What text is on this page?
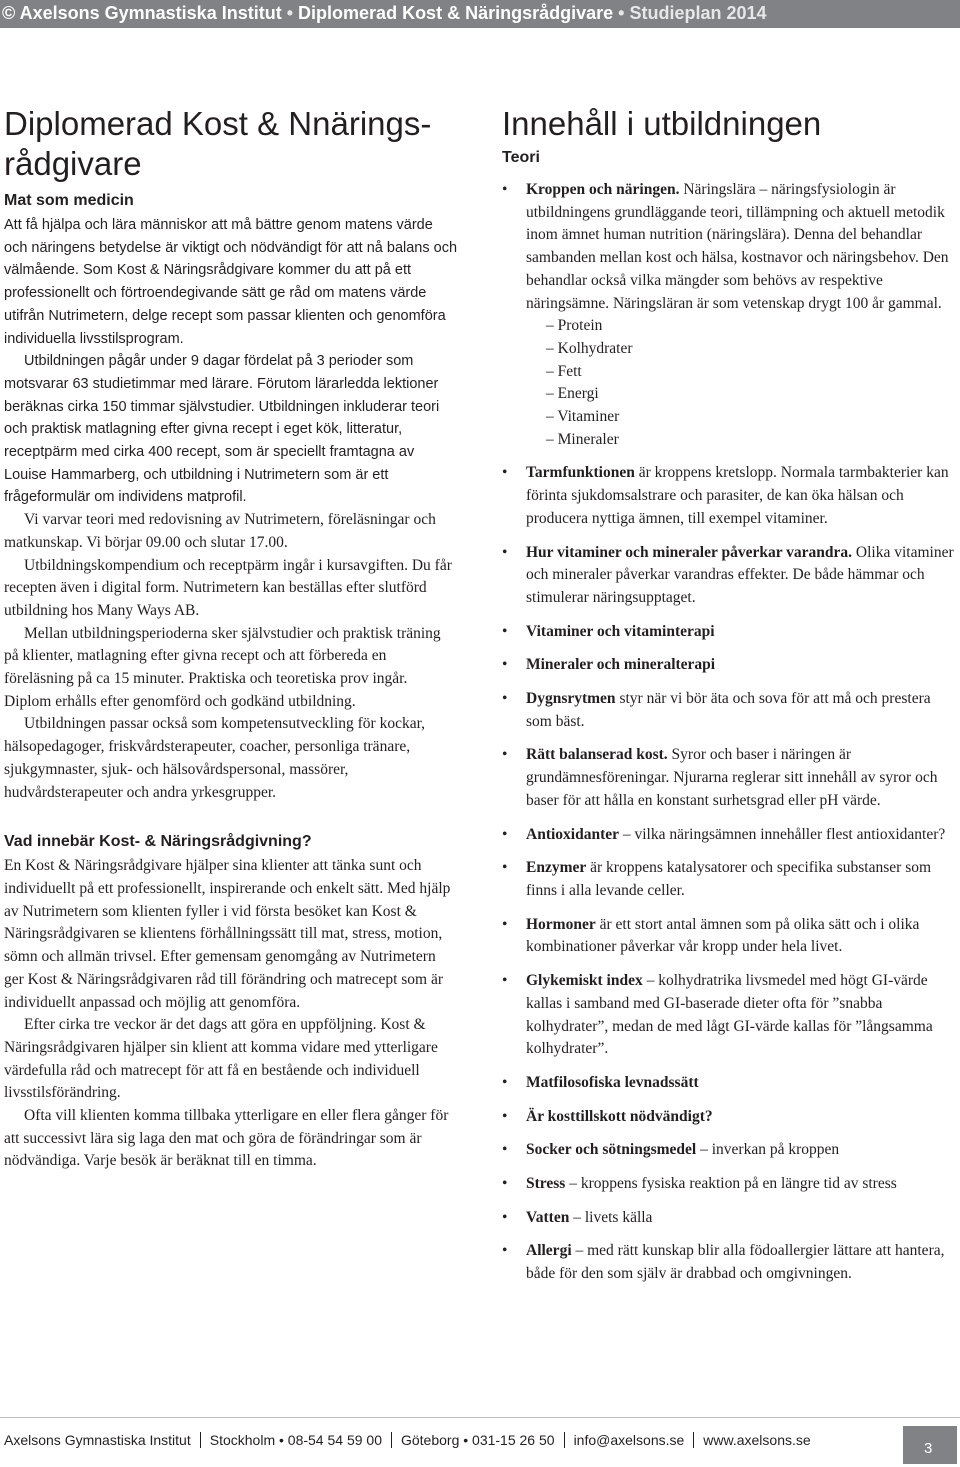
© Axelsons Gymnastiska Institut • Diplomerad Kost & Näringsrådgivare • Studieplan 2014
Diplomerad Kost & Nnärings-
rådgivare
Mat som medicin

Att få hjälpa och lära människor att må bättre genom matens värde och näringens betydelse är viktigt och nödvändigt för att nå balans och välmående. Som Kost & Näringsrådgivare kommer du att på ett professionellt och förtroendegivande sätt ge råd om matens värde utifrån Nutrimetern, delge recept som passar klienten och genomföra individuella livsstilsprogram.

Utbildningen pågår under 9 dagar fördelat på 3 perioder som motsvarar 63 studietimmar med lärare. Förutom lärarledda lektioner beräknas cirka 150 timmar självstudier. Utbildningen inkluderar teori och praktisk matlagning efter givna recept i eget kök, litteratur, receptpärm med cirka 400 recept, som är speciellt framtagna av Louise Hammarberg, och utbildning i Nutrimetern som är ett frågeformulär om individens matprofil.

Vi varvar teori med redovisning av Nutrimetern, föreläsningar och matkunskap. Vi börjar 09.00 och slutar 17.00.

Utbildningskompendium och receptpärm ingår i kursavgiften. Du får recepten även i digital form. Nutrimetern kan beställas efter slutförd utbildning hos Many Ways AB.

Mellan utbildningsperioderna sker självstudier och praktisk träning på klienter, matlagning efter givna recept och att förbereda en föreläsning på ca 15 minuter. Praktiska och teoretiska prov ingår. Diplom erhålls efter genomförd och godkänd utbildning.

Utbildningen passar också som kompetensutveckling för kockar, hälsopedagoger, friskvårdsterapeuter, coacher, personliga tränare, sjukgymnaster, sjuk- och hälsovårdspersonal, massörer, hudvårdsterapeuter och andra yrkesgrupper.

Vad innebär Kost- & Näringsrådgivning?

En Kost & Näringsrådgivare hjälper sina klienter att tänka sunt och individuellt på ett professionellt, inspirerande och enkelt sätt. Med hjälp av Nutrimetern som klienten fyller i vid första besöket kan Kost & Näringsrådgivaren se klientens förhållningssätt till mat, stress, motion, sömn och allmän trivsel. Efter gemensam genomgång av Nutrimetern ger Kost & Näringsrådgivaren råd till förändring och matrecept som är individuellt anpassad och möjlig att genomföra.

Efter cirka tre veckor är det dags att göra en uppföljning. Kost & Näringsrådgivaren hjälper sin klient att komma vidare med ytterligare värdefulla råd och matrecept för att få en bestående och individuell livsstilsförändring.

Ofta vill klienten komma tillbaka ytterligare en eller flera gånger för att successivt lära sig laga den mat och göra de förändringar som är nödvändiga. Varje besök är beräknat till en timma.

Innehåll i utbildningen
Teori
• Kroppen och näringen. Näringslära – näringsfysiologin är utbildningens grundläggande teori, tillämpning och aktuell metodik inom ämnet human nutrition (näringslära). Denna del behandlar sambanden mellan kost och hälsa, kostnavor och näringsbehov. Den behandlar också vilka mängder som behövs av respektive näringsämne. Näringsläran är som vetenskap drygt 100 år gammal.
– Protein
– Kolhydrater
– Fett
– Energi
– Vitaminer
– Mineraler
• Tarmfunktionen är kroppens kretslopp. Normala tarmbakterier kan förinta sjukdomsalstrare och parasiter, de kan öka hälsan och producera nyttiga ämnen, till exempel vitaminer.
• Hur vitaminer och mineraler påverkar varandra. Olika vitaminer och mineraler påverkar varandras effekter. De både hämmar och stimulerar näringsupptaget.
• Vitaminer och vitaminterapi
• Mineraler och mineralterapi
• Dygnsrytmen styr när vi bör äta och sova för att må och prestera som bäst.
• Rätt balanserad kost. Syror och baser i näringen är grundämnesföreningar. Njurarna reglerar sitt innehåll av syror och baser för att hålla en konstant surhetsgrad eller pH värde.
• Antioxidanter – vilka näringsämnen innehåller flest antioxidanter?
• Enzymer är kroppens katalysatorer och specifika substanser som finns i alla levande celler.
• Hormoner är ett stort antal ämnen som på olika sätt och i olika kombinationer påverkar vår kropp under hela livet.
• Glykemiskt index – kolhydratrika livsmedel med högt GI-värde kallas i samband med GI-baserade dieter ofta för ”snabba kolhydrater”, medan de med lågt GI-värde kallas för ”långsamma kolhydrater”.
• Matfilosofiska levnadssätt
• Är kosttillskott nödvändigt?
• Socker och sötningsmedel – inverkan på kroppen
• Stress – kroppens fysiska reaktion på en längre tid av stress
• Vatten – livets källa
• Allergi – med rätt kunskap blir alla födoallergier lättare att hantera, både för den som själv är drabbad och omgivningen.
Axelsons Gymnastiska Institut Stockholm • 08-54 54 59 00 Göteborg • 031-15 26 50 info@axelsons.se www.axelsons.se	3
